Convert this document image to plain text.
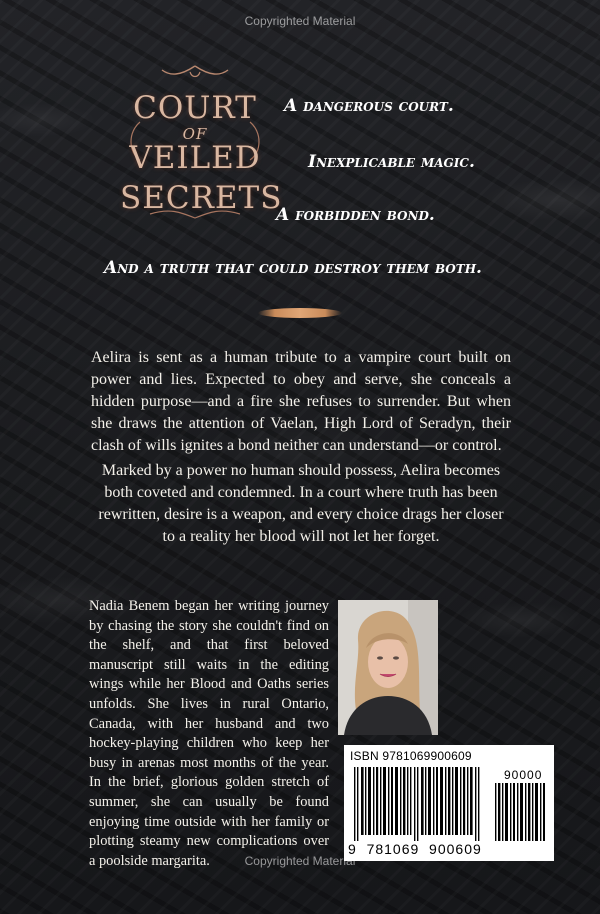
Copyrighted Material
COURT
OF
VEILED
SECRETS
A dangerous court.
Inexplicable magic.
A forbidden bond.
And a truth that could destroy them both.

Aelira is sent as a human tribute to a vampire court built on power and lies. Expected to obey and serve, she conceals a hidden purpose—and a fire she refuses to surrender. But when she draws the attention of Vaelan, High Lord of Seradyn, their clash of wills ignites a bond neither can understand—or control.

Marked by a power no human should possess, Aelira becomes both coveted and condemned. In a court where truth has been rewritten, desire is a weapon, and every choice drags her closer to a reality her blood will not let her forget.

Nadia Benem began her writing journey by chasing the story she couldn't find on the shelf, and that first beloved manuscript still waits in the editing wings while her Blood and Oaths series unfolds. She lives in rural Ontario, Canada, with her husband and two hockey-playing children who keep her busy in arenas most months of the year. In the brief, glorious golden stretch of summer, she can usually be found enjoying time outside with her family or plotting steamy new complications over a poolside margarita.

ISBN 9781069900609
90000
9  781069  900609
Copyrighted Material
